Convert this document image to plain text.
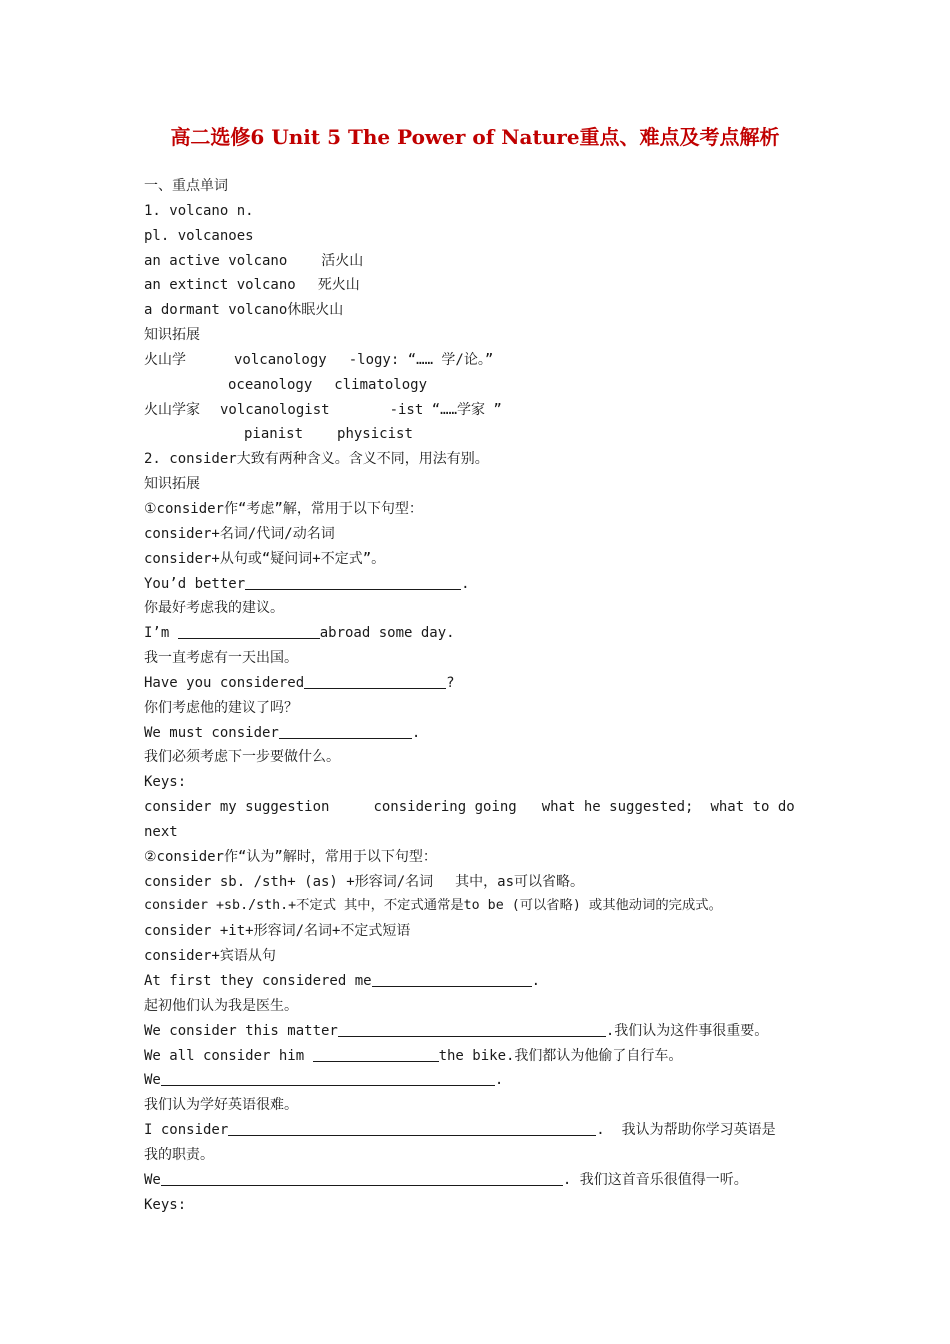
高二选修6 Unit 5 The Power of Nature重点、难点及考点解析
一、重点单词
1. volcano n.
pl. volcanoes
an active volcano 活火山
an extinct volcano 死火山
a dormant volcano休眠火山
知识拓展
火山学	volcanology -logy: “…… 学/论。”
oceanology climatology
火山学家 volcanologist	-ist “……学家 ”
pianist physicist
2. consider大致有两种含义。含义不同，用法有别。
知识拓展
①consider作“考虑”解，常用于以下句型：
consider+名词/代词/动名词
consider+从句或“疑问词+不定式”。
You’d better	.
你最好考虑我的建议。
I’m	abroad some day.
我一直考虑有一天出国。
Have you considered	?
你们考虑他的建议了吗？
We must consider	.
我们必须考虑下一步要做什么。
Keys:
consider my suggestion	considering going what he suggested; what to do
next
②consider作“认为”解时，常用于以下句型：
consider sb. /sth+ (as) +形容词/名词 其中，as可以省略。
consider +sb./sth.+不定式 其中，不定式通常是to be (可以省略) 或其他动词的完成式。
consider +it+形容词/名词+不定式短语
consider+宾语从句
At first they considered me	.
起初他们认为我是医生。
We consider this matter	.我们认为这件事很重要。
We all consider him	the bike.我们都认为他偷了自行车。
We	.
我们认为学好英语很难。
I consider	.  我认为帮助你学习英语是
我的职责。
We	. 我们这首音乐很值得一听。
Keys:
